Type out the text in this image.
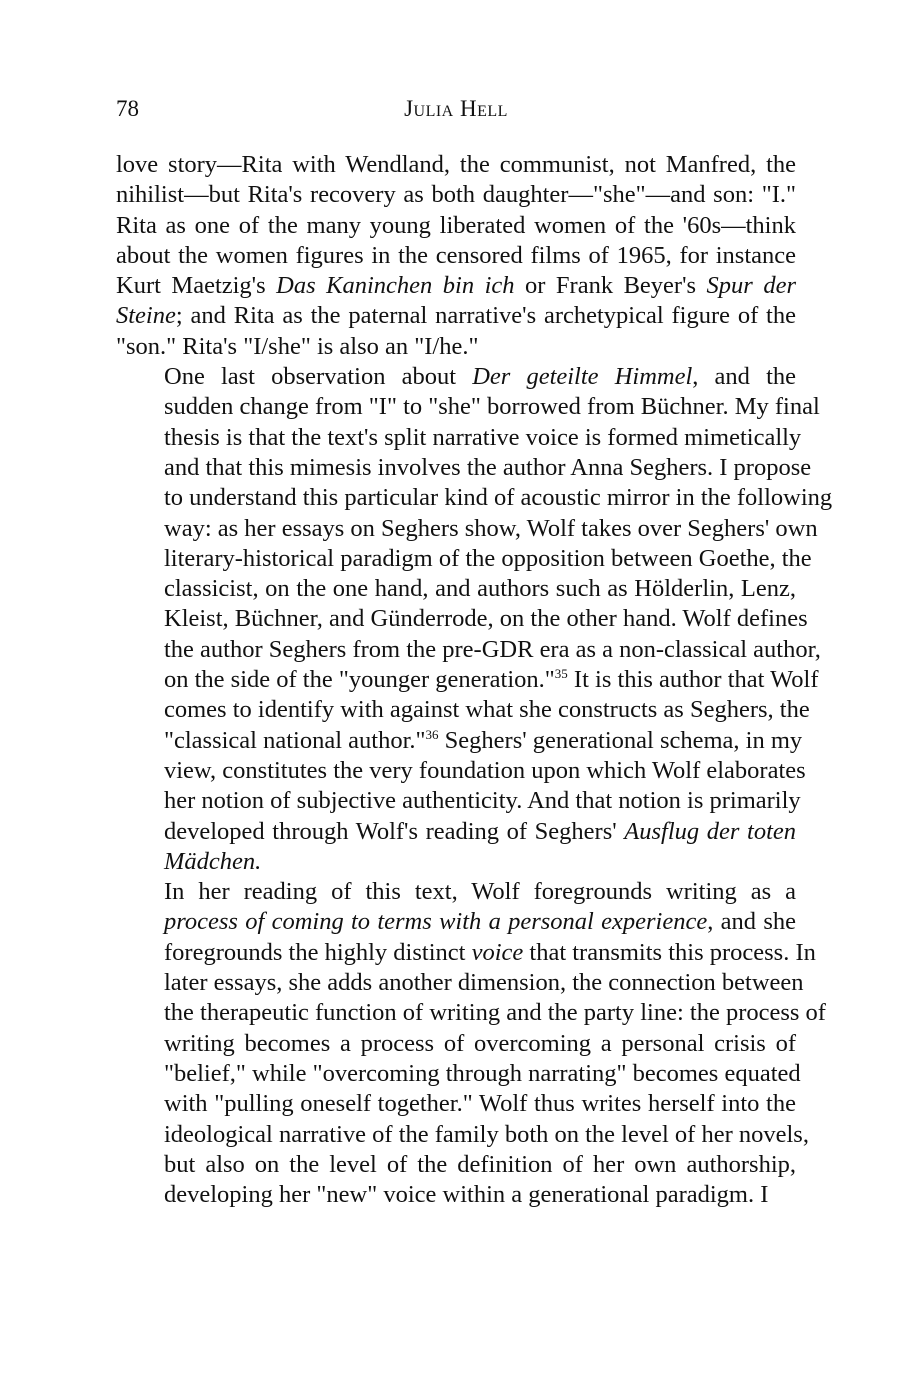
78	Julia Hell

love story—Rita with Wendland, the communist, not Manfred, the
nihilist—but Rita's recovery as both daughter—"she"—and son: "I."
Rita as one of the many young liberated women of the '60s—think
about the women figures in the censored films of 1965, for instance
Kurt Maetzig's Das Kaninchen bin ich or Frank Beyer's Spur der
Steine; and Rita as the paternal narrative's archetypical figure of the
"son." Rita's "I/she" is also an "I/he."

One last observation about Der geteilte Himmel, and the
sudden change from "I" to "she" borrowed from Büchner. My final
thesis is that the text's split narrative voice is formed mimetically
and that this mimesis involves the author Anna Seghers. I propose
to understand this particular kind of acoustic mirror in the following
way: as her essays on Seghers show, Wolf takes over Seghers' own
literary-historical paradigm of the opposition between Goethe, the
classicist, on the one hand, and authors such as Hölderlin, Lenz,
Kleist, Büchner, and Günderrode, on the other hand. Wolf defines
the author Seghers from the pre-GDR era as a non-classical author,
on the side of the "younger generation."$^{35}$ It is this author that Wolf
comes to identify with against what she constructs as Seghers, the
"classical national author."$^{36}$ Seghers' generational schema, in my
view, constitutes the very foundation upon which Wolf elaborates
her notion of subjective authenticity. And that notion is primarily
developed through Wolf's reading of Seghers' Ausflug der toten
Mädchen.

In her reading of this text, Wolf foregrounds writing as a
process of coming to terms with a personal experience, and she
foregrounds the highly distinct voice that transmits this process. In
later essays, she adds another dimension, the connection between
the therapeutic function of writing and the party line: the process of
writing becomes a process of overcoming a personal crisis of
"belief," while "overcoming through narrating" becomes equated
with "pulling oneself together." Wolf thus writes herself into the
ideological narrative of the family both on the level of her novels,
but also on the level of the definition of her own authorship,
developing her "new" voice within a generational paradigm. I
